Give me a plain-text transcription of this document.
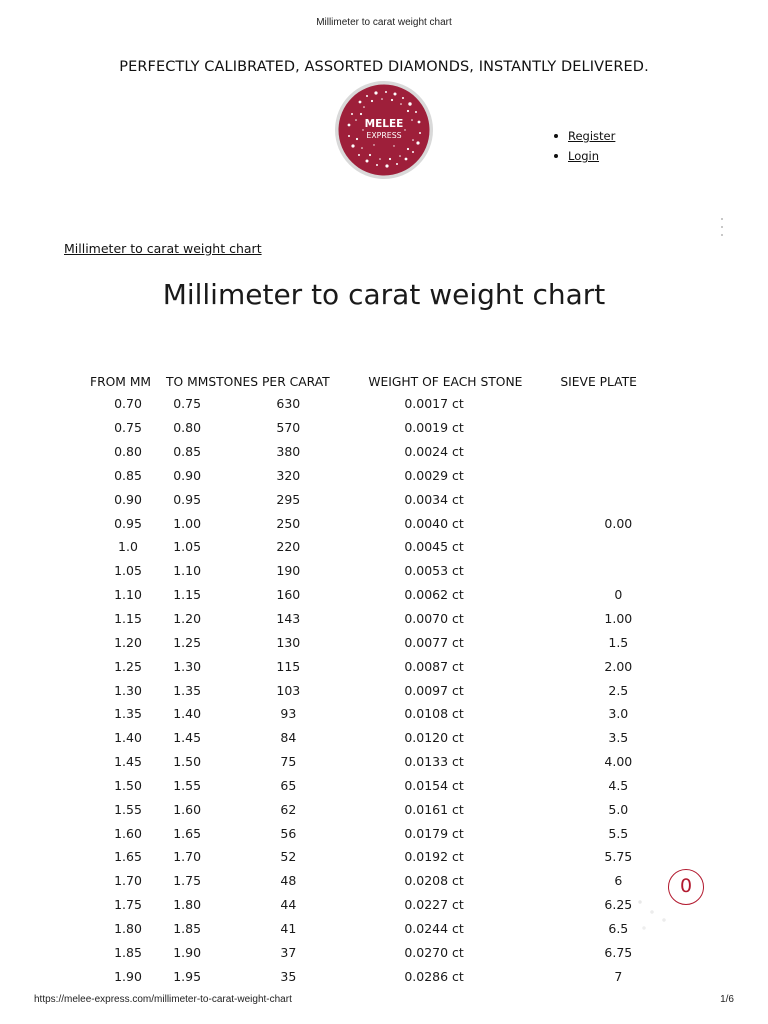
Millimeter to carat weight chart
PERFECTLY CALIBRATED, ASSORTED DIAMONDS, INSTANTLY DELIVERED.
MELEE
EXPRESS	Register
Login
Millimeter to carat weight chart
Millimeter to carat weight chart
FROM MM	TO MM	STONES PER CARAT	WEIGHT OF EACH STONE	SIEVE PLATE
0.70	0.75	630	0.0017 ct	
0.75	0.80	570	0.0019 ct	
0.80	0.85	380	0.0024 ct	
0.85	0.90	320	0.0029 ct	
0.90	0.95	295	0.0034 ct	
0.95	1.00	250	0.0040 ct	0.00
1.0	1.05	220	0.0045 ct	
1.05	1.10	190	0.0053 ct	
1.10	1.15	160	0.0062 ct	0
1.15	1.20	143	0.0070 ct	1.00
1.20	1.25	130	0.0077 ct	1.5
1.25	1.30	115	0.0087 ct	2.00
1.30	1.35	103	0.0097 ct	2.5
1.35	1.40	93	0.0108 ct	3.0
1.40	1.45	84	0.0120 ct	3.5
1.45	1.50	75	0.0133 ct	4.00
1.50	1.55	65	0.0154 ct	4.5
1.55	1.60	62	0.0161 ct	5.0
1.60	1.65	56	0.0179 ct	5.5
1.65	1.70	52	0.0192 ct	5.75
1.70	1.75	48	0.0208 ct	6
1.75	1.80	44	0.0227 ct	6.25
1.80	1.85	41	0.0244 ct	6.5
1.85	1.90	37	0.0270 ct	6.75
1.90	1.95	35	0.0286 ct	7
0
https://melee-express.com/millimeter-to-carat-weight-chart	1/6
